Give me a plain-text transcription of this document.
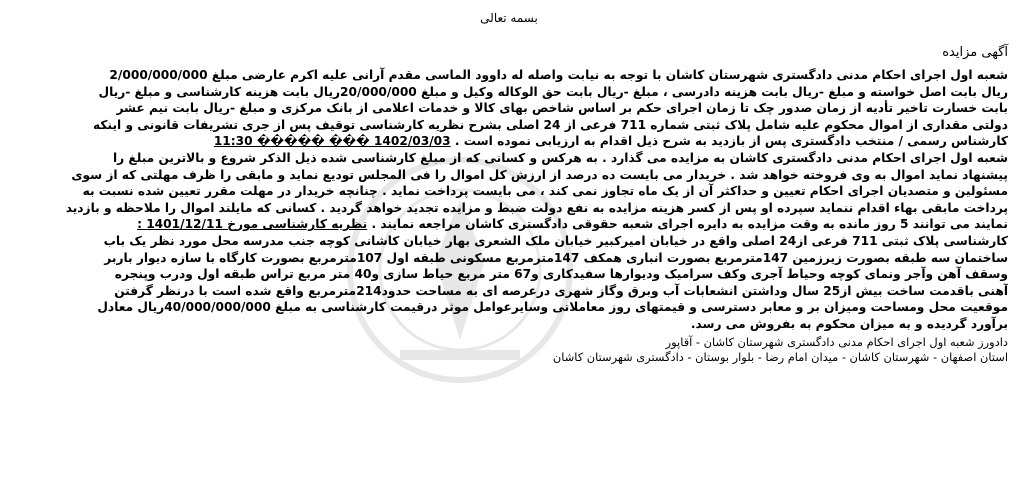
بسمه تعالی
آگهی مزایده
شعبه اول اجرای احکام مدنی دادگستری شهرستان کاشان با توجه به نیابت واصله له داوود الماسی مقدم آرانی علیه اکرم عارضی مبلغ 2/000/000/000
ریال بابت اصل خواسته و مبلغ -ریال بابت هزینه دادرسی ، مبلغ -ریال بابت حق الوکاله وکیل و مبلغ 20/000/000ریال بابت هزینه کارشناسی و مبلغ -ریال
بابت خسارت تاخیر تأدیه از زمان صدور چک تا زمان اجرای حکم بر اساس شاخص بهای کالا و خدمات اعلامی از بانک مرکزی و مبلغ -ریال بابت نیم عشر
دولتی مقداری از اموال محکوم علیه شامل پلاک ثبتی شماره 711 فرعی از 24 اصلی بشرح نظریه کارشناسی توقیف پس از جری تشریفات قانونی و اینکه
کارشناس رسمی / منتخب دادگستری پس از بازدید به شرح ذیل اقدام به ارزیابی نموده است . 11:30 ����� ��� 1402/03/03
شعبه اول اجرای احکام مدنی دادگستری کاشان به مزایده می گذارد . به هرکس و کسانی که از مبلغ کارشناسی شده ذیل الذکر شروع و بالاترین مبلغ را
پیشنهاد نماید اموال به وی فروخته خواهد شد . خریدار می بایست ده درصد از ارزش کل اموال را فی المجلس تودیع نماید و مابقی را ظرف مهلتی که از سوی
مسئولین و متصدیان اجرای احکام تعیین و حداکثر آن از یک ماه تجاوز نمی کند ، می بایست پرداخت نماید . چنانچه خریدار در مهلت مقرر تعیین شده نسبت به
پرداخت مابقی بهاء اقدام ننماید سپرده او پس از کسر هزینه مزایده به نفع دولت ضبط و مزایده تجدید خواهد گردید . کسانی که مایلند اموال را ملاحظه و بازدید
نمایند می توانند 5 روز مانده به وقت مزایده به دایره اجرای شعبه حقوقی دادگستری کاشان مراجعه نمایند . نظریه کارشناسی مورخ 1401/12/11 :
کارشناسی پلاک ثبتی 711 فرعی از24 اصلی واقع در خیابان امیرکبیر خیابان ملک الشعری بهار خیابان کاشانی کوچه جنب مدرسه محل مورد نظر یک باب
ساختمان سه طبقه بصورت زیرزمین 147مترمربع بصورت انباری همکف 147مترمربع مسکونی طبقه اول 107مترمربع بصورت کارگاه با سازه دیوار باربر
وسقف آهن وآجر ونمای کوچه وحیاط آجری وکف سرامیک ودیوارها سفیدکاری و67 متر مربع حیاط سازی و40 متر مربع تراس طبقه اول ودرب وپنجره
آهنی باقدمت ساخت بیش از25 سال وداشتن انشعابات آب وبرق وگاز شهری درعرصه ای به مساحت حدود214مترمربع واقع شده است با درنظر گرفتن
موقعیت محل ومساحت ومیزان بر و معابر دسترسی و قیمتهای روز معاملاتی وسایرعوامل موثر درقیمت کارشناسی به مبلغ 40/000/000/000ریال معادل
برآورد گردیده و به میزان محکوم به بفروش می رسد.
دادورز شعبه اول اجرای احکام مدنی دادگستری شهرستان کاشان - آقاپور
استان اصفهان - شهرستان کاشان - میدان امام رضا - بلوار بوستان - دادگستری شهرستان کاشان
